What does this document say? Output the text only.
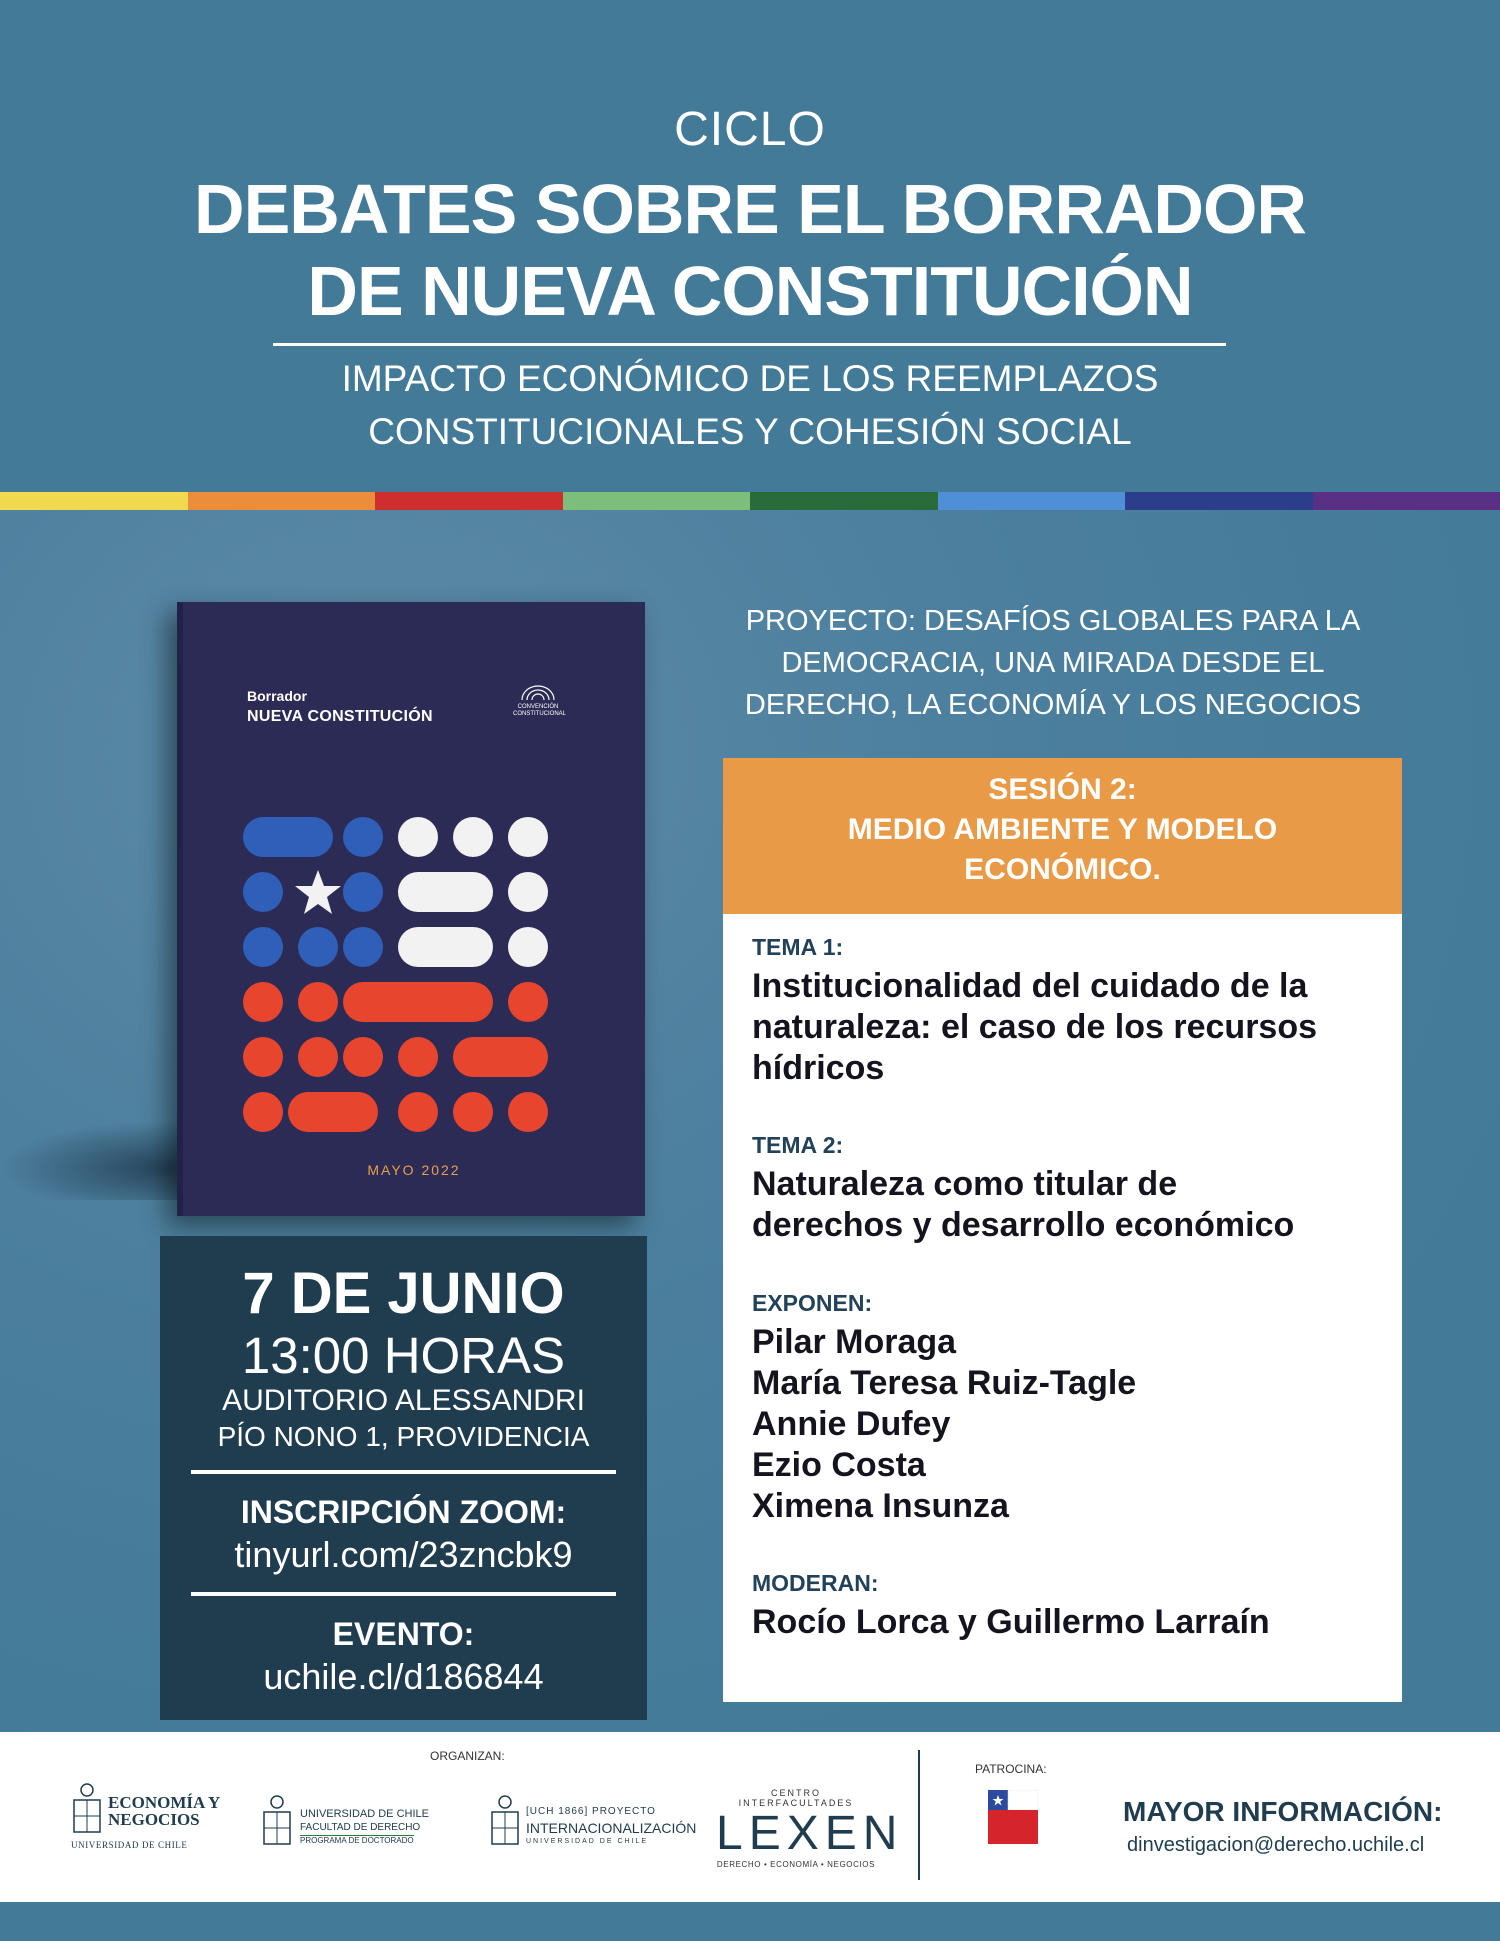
CICLO
DEBATES SOBRE EL BORRADOR
DE NUEVA CONSTITUCIÓN
IMPACTO ECONÓMICO DE LOS REEMPLAZOS
CONSTITUCIONALES Y COHESIÓN SOCIAL
Borrador
NUEVA CONSTITUCIÓN
CONVENCIÓN CONSTITUCIONAL
MAYO 2022
7 DE JUNIO
13:00 HORAS
AUDITORIO ALESSANDRI
PÍO NONO 1, PROVIDENCIA
INSCRIPCIÓN ZOOM:
tinyurl.com/23zncbk9
EVENTO:
uchile.cl/d186844
PROYECTO: DESAFÍOS GLOBALES PARA LA
DEMOCRACIA, UNA MIRADA DESDE EL
DERECHO, LA ECONOMÍA Y LOS NEGOCIOS
SESIÓN 2:
MEDIO AMBIENTE Y MODELO
ECONÓMICO.
TEMA 1:
Institucionalidad del cuidado de la
naturaleza: el caso de los recursos
hídricos
TEMA 2:
Naturaleza como titular de
derechos y desarrollo económico
EXPONEN:
Pilar Moraga
María Teresa Ruiz-Tagle
Annie Dufey
Ezio Costa
Ximena Insunza
MODERAN:
Rocío Lorca y Guillermo Larraín
ORGANIZAN:
PATROCINA:
ECONOMÍA Y
NEGOCIOS
UNIVERSIDAD DE CHILE
UNIVERSIDAD DE CHILE
FACULTAD DE DERECHO
PROGRAMA DE DOCTORADO
[UCH 1866] PROYECTO
INTERNACIONALIZACIÓN
UNIVERSIDAD DE CHILE
CENTRO INTERFACULTADES
LEXEN
DERECHO • ECONOMÍA • NEGOCIOS
MAYOR INFORMACIÓN:
dinvestigacion@derecho.uchile.cl
